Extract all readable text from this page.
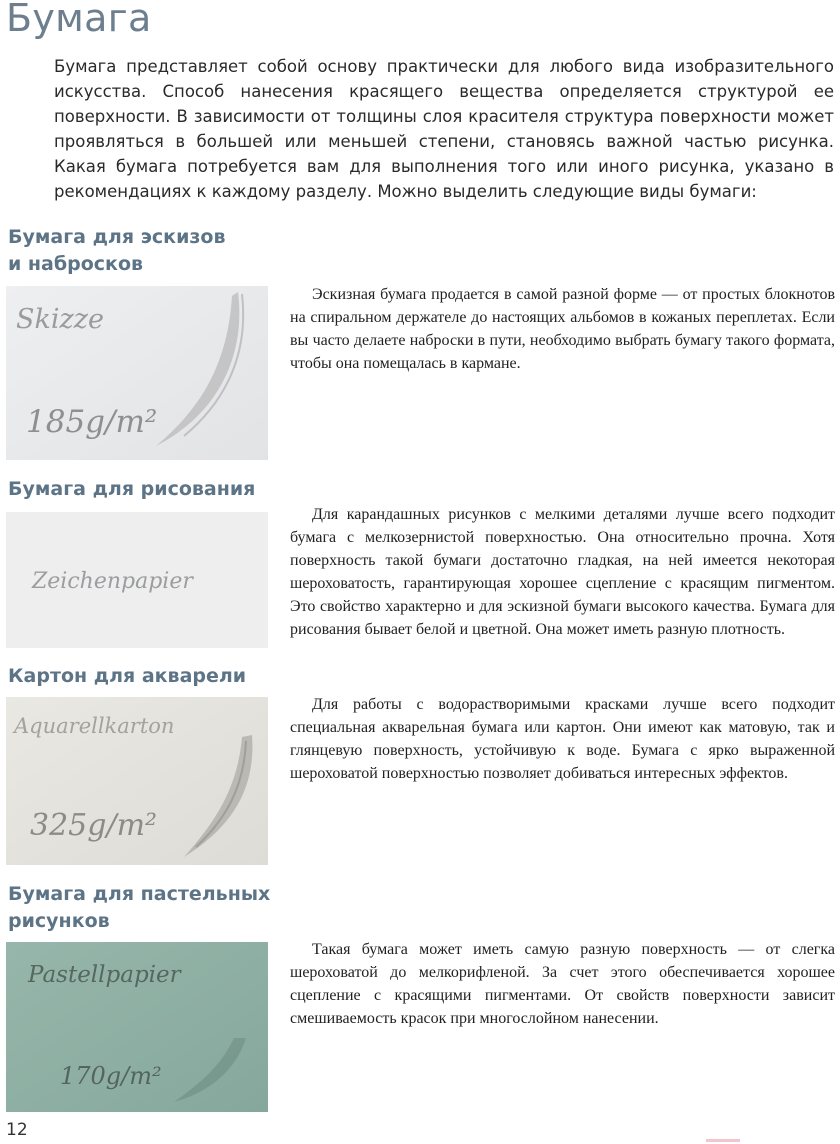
Бумага

Бумага представляет собой основу практически для любого вида изобразительного искусства. Способ нанесения красящего вещества определяется структурой ее поверхности. В зависимости от толщины слоя красителя структура поверхности может проявляться в большей или меньшей степени, становясь важной частью рисунка. Какая бумага потребуется вам для выполнения того или иного рисунка, указано в рекомендациях к каждому разделу. Можно выделить следующие виды бумаги:

Бумага для эскизов
и набросков
Skizze
185g/m²

Эскизная бумага продается в самой разной форме — от простых блокнотов на спиральном держателе до настоящих альбомов в кожаных переплетах. Если вы часто делаете наброски в пути, необходимо выбрать бумагу такого формата, чтобы она помещалась в кармане.

Бумага для рисования
Zeichenpapier

Для карандашных рисунков с мелкими деталями лучше всего подходит бумага с мелкозернистой поверхностью. Она относительно прочна. Хотя поверхность такой бумаги достаточно гладкая, на ней имеется некоторая шероховатость, гарантирующая хорошее сцепление с красящим пигментом. Это свойство характерно и для эскизной бумаги высокого качества. Бумага для рисования бывает белой и цветной. Она может иметь разную плотность.

Картон для акварели
Aquarellkarton
325g/m²

Для работы с водорастворимыми красками лучше всего подходит специальная акварельная бумага или картон. Они имеют как матовую, так и глянцевую поверхность, устойчивую к воде. Бумага с ярко выраженной шероховатой поверхностью позволяет добиваться интересных эффектов.

Бумага для пастельных
рисунков
Pastellpapier
170g/m²

Такая бумага может иметь самую разную поверхность — от слегка шероховатой до мелкорифленой. За счет этого обеспечивается хорошее сцепление с красящими пигментами. От свойств поверхности зависит смешиваемость красок при многослойном нанесении.

12
